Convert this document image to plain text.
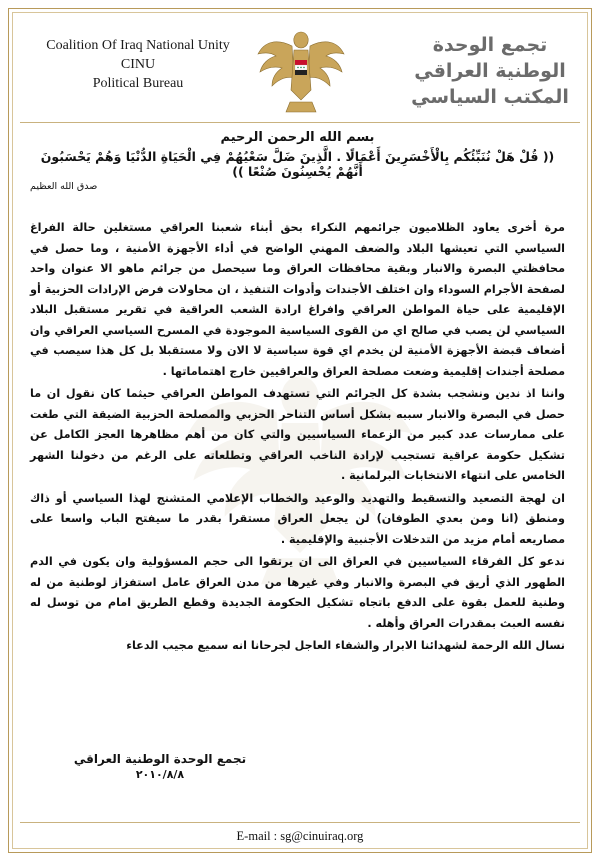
Coalition Of Iraq National Unity
CINU
Political Bureau
تجمع الوحدة الوطنية العراقي
المكتب السياسي
بسم الله الرحمن الرحيم
(( قُلْ هَلْ نُنَبِّئُكُم بِالْأَخْسَرِينَ أَعْمَالًا . الَّذِينَ ضَلَّ سَعْيُهُمْ فِي الْحَيَاةِ الدُّنْيَا وَهُمْ يَحْسَبُونَ أَنَّهُمْ يُحْسِنُونَ صُنْعًا ))
صدق الله العظيم

مرة أخرى يعاود الظلاميون جرائمهم النكراء بحق أبناء شعبنا العراقي مستغلين حالة الفراغ السياسي التي تعيشها البلاد والضعف المهني الواضح في أداء الأجهزة الأمنية ، وما حصل في محافظتي البصرة والانبار وبقية محافظات العراق وما سيحصل من جرائم ماهو الا عنوان واحد لصفحة الأجرام السوداء وان اختلف الأجندات وأدوات التنفيذ ، ان محاولات فرض الإرادات الحزبية أو الإقليمية على حياة المواطن العراقي وافراغ ارادة الشعب العراقية في تقرير مستقبل البلاد السياسي لن يصب في صالح اي من القوى السياسية الموجودة في المسرح السياسي العراقي وان أضعاف قبضة الأجهزة الأمنية لن يخدم اي قوة سياسية لا الان ولا مستقبلا بل كل هذا سيصب في مصلحة أجندات إقليمية وضعت مصلحة العراق والعراقيين خارج اهتماماتها .

واننا اذ ندين ونشجب بشدة كل الجرائم التي تستهدف المواطن العراقي حيثما كان نقول ان ما حصل في البصرة والانبار سببه بشكل أساس التناحر الحزبي والمصلحة الحزبية الضيقة التي طغت على ممارسات عدد كبير من الزعماء السياسيين والتي كان من أهم مظاهرها العجز الكامل عن تشكيل حكومة عراقية تستجيب لإرادة الناخب العراقي وتطلعاته على الرغم من دخولنا الشهر الخامس على انتهاء الانتخابات البرلمانية .

ان لهجة التصعيد والتسقيط والتهديد والوعيد والخطاب الإعلامي المتشنج لهذا السياسي أو ذاك ومنطق (انا ومن بعدي الطوفان) لن يجعل العراق مستقرا بقدر ما سيفتح الباب واسعا على مصاريعه أمام مزيد من التدخلات الأجنبية والإقليمية .

ندعو كل الفرقاء السياسيين في العراق الى ان يرتقوا الى حجم المسؤولية وان يكون في الدم الطهور الذي أريق في البصرة والانبار وفي غيرها من مدن العراق عامل استفزاز لوطنية من له وطنية للعمل بقوة على الدفع باتجاه تشكيل الحكومة الجديدة وقطع الطريق امام من توسل له نفسه العبث بمقدرات العراق وأهله .

نسال الله الرحمة لشهدائنا الابرار والشفاء العاجل لجرحانا انه سميع مجيب الدعاء

تجمع الوحدة الوطنية العراقي
٢٠١٠/٨/٨
E-mail : sg@cinuiraq.org
